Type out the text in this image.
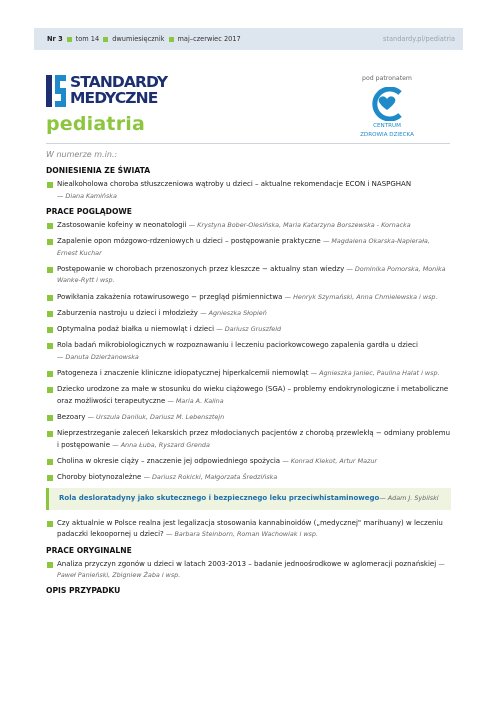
Nr 3 tom 14 dwumiesięcznik maj–czerwiec 2017	standardy.pl/pediatria
STANDARDY
MEDYCZNE
pediatria
pod patronatem
CENTRUM
ZDROWIA DZIECKA
W numerze m.in.:
DONIESIENIA ZE ŚWIATA
Niealkoholowa choroba stłuszczeniowa wątroby u dzieci – aktualne rekomendacje ECON i NASPGHAN
— Diana Kamińska
PRACE POGLĄDOWE
Zastosowanie kofeiny w neonatologii — Krystyna Bober-Olesińska, Maria Katarzyna Borszewska - Kornacka
Zapalenie opon mózgowo-rdzeniowych u dzieci – postępowanie praktyczne — Magdalena Okarska-Napierała, Ernest Kuchar
Postępowanie w chorobach przenoszonych przez kleszcze − aktualny stan wiedzy — Dominika Pomorska, Monika Wanke-Rytt i wsp.
Powikłania zakażenia rotawirusowego − przegląd piśmiennictwa — Henryk Szymański, Anna Chmielewska i wsp.
Zaburzenia nastroju u dzieci i młodzieży — Agnieszka Słopień
Optymalna podaż białka u niemowląt i dzieci — Dariusz Gruszfeld
Rola badań mikrobiologicznych w rozpoznawaniu i leczeniu paciorkowcowego zapalenia gardła u dzieci
— Danuta Dzierżanowska
Patogeneza i znaczenie kliniczne idiopatycznej hiperkalcemii niemowląt — Agnieszka Janiec, Paulina Halat i wsp.
Dziecko urodzone za małe w stosunku do wieku ciążowego (SGA) – problemy endokrynologiczne i metaboliczne oraz możliwości terapeutyczne — Maria A. Kalina
Bezoary — Urszula Daniluk, Dariusz M. Lebensztejn
Nieprzestrzeganie zaleceń lekarskich przez młodocianych pacjentów z chorobą przewlekłą − odmiany problemu i postępowanie — Anna Łuba, Ryszard Grenda
Cholina w okresie ciąży – znaczenie jej odpowiedniego spożycia — Konrad Klekot, Artur Mazur
Choroby biotynozależne — Dariusz Rokicki, Małgorzata Średzińska
Rola desloratadyny jako skutecznego i bezpiecznego leku przeciwhistaminowego— Adam J. Sybilski
Czy aktualnie w Polsce realna jest legalizacja stosowania kannabinoidów („medycznej" marihuany) w leczeniu padaczki lekoopornej u dzieci? — Barbara Steinborn, Roman Wachowiak i wsp.
PRACE ORYGINALNE
Analiza przyczyn zgonów u dzieci w latach 2003-2013 – badanie jednoośrodkowe w aglomeracji poznańskiej — Paweł Panieński, Zbigniew Żaba i wsp.
OPIS PRZYPADKU
